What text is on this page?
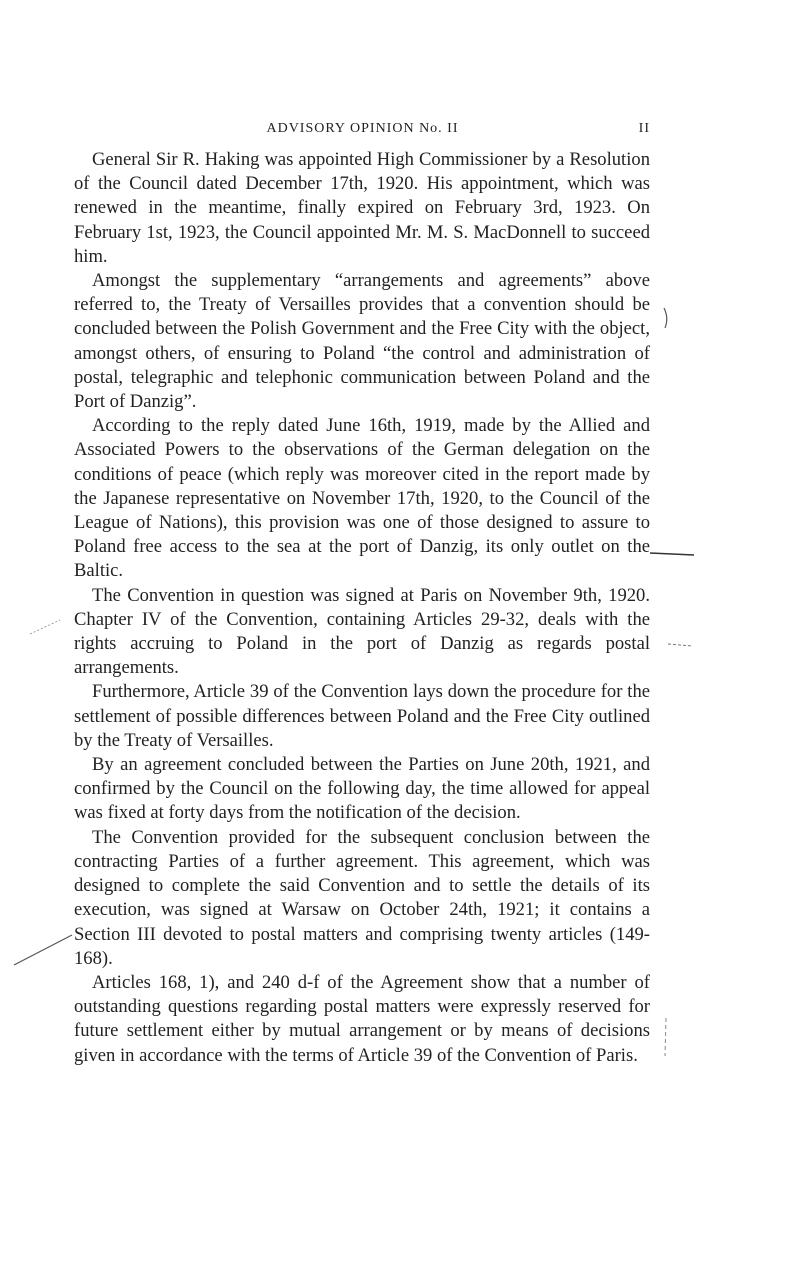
ADVISORY OPINION No. II	II

General Sir R. Haking was appointed High Commissioner by a Resolution of the Council dated December 17th, 1920. His appointment, which was renewed in the meantime, finally expired on February 3rd, 1923. On February 1st, 1923, the Council appointed Mr. M. S. MacDonnell to succeed him.

Amongst the supplementary “arrangements and agreements” above referred to, the Treaty of Versailles provides that a convention should be concluded between the Polish Government and the Free City with the object, amongst others, of ensuring to Poland “the control and administration of postal, telegraphic and telephonic communication between Poland and the Port of Danzig”.

According to the reply dated June 16th, 1919, made by the Allied and Associated Powers to the observations of the German delegation on the conditions of peace (which reply was moreover cited in the report made by the Japanese representative on November 17th, 1920, to the Council of the League of Nations), this provision was one of those designed to assure to Poland free access to the sea at the port of Danzig, its only outlet on the Baltic.

The Convention in question was signed at Paris on November 9th, 1920. Chapter IV of the Convention, containing Articles 29-32, deals with the rights accruing to Poland in the port of Danzig as regards postal arrangements.

Furthermore, Article 39 of the Convention lays down the procedure for the settlement of possible differences between Poland and the Free City outlined by the Treaty of Versailles.

By an agreement concluded between the Parties on June 20th, 1921, and confirmed by the Council on the following day, the time allowed for appeal was fixed at forty days from the notification of the decision.

The Convention provided for the subsequent conclusion between the contracting Parties of a further agreement. This agreement, which was designed to complete the said Convention and to settle the details of its execution, was signed at Warsaw on October 24th, 1921; it contains a Section III devoted to postal matters and comprising twenty articles (149-168).

Articles 168, 1), and 240 d-f of the Agreement show that a number of outstanding questions regarding postal matters were expressly reserved for future settlement either by mutual arrangement or by means of decisions given in accordance with the terms of Article 39 of the Convention of Paris.
